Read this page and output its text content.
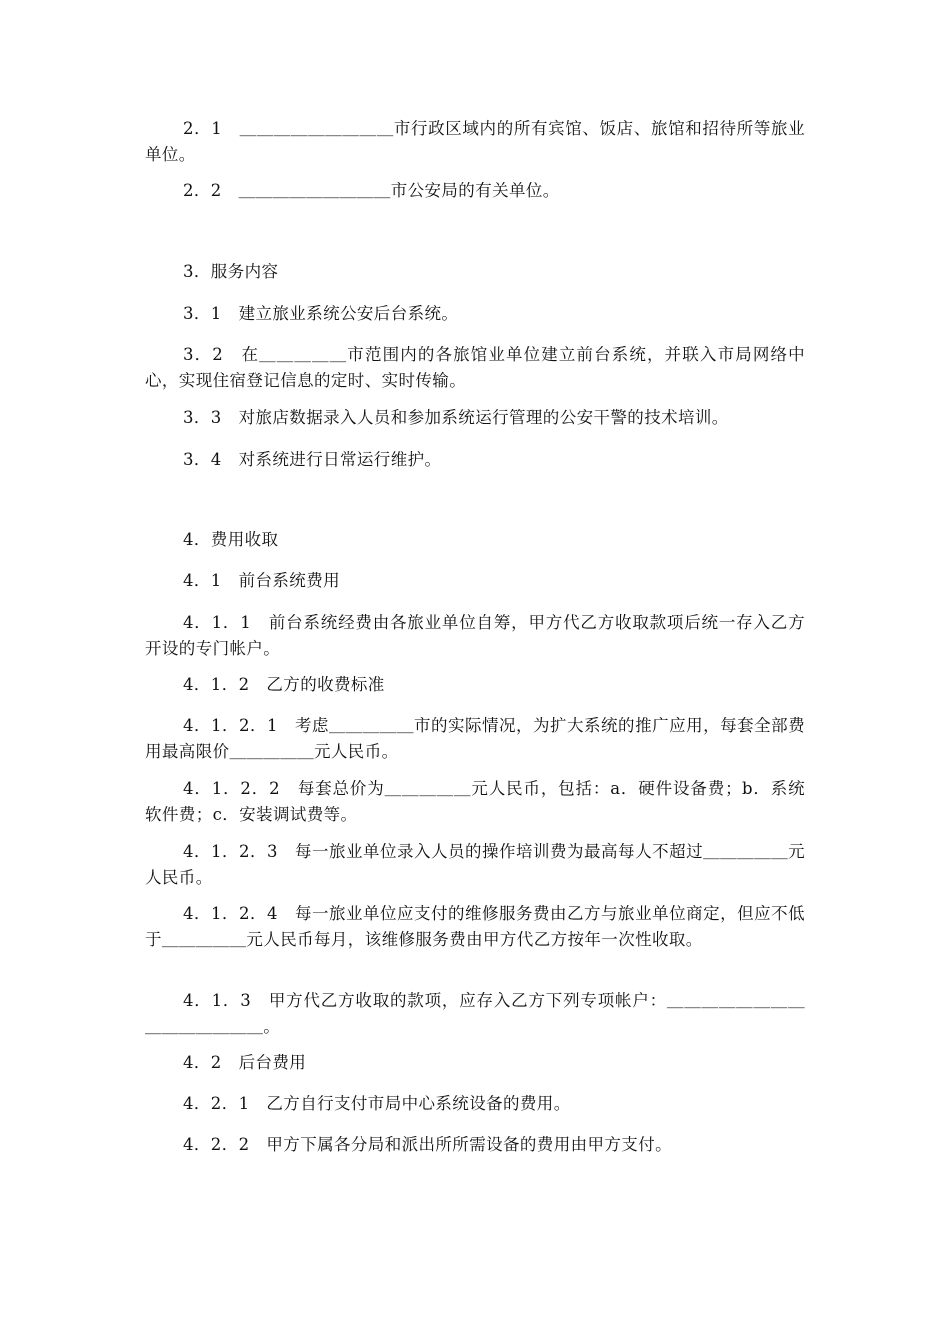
2．1　＿＿＿＿＿＿＿＿＿市行政区域内的所有宾馆、饭店、旅馆和招待所等旅业单位。

2．2　＿＿＿＿＿＿＿＿＿市公安局的有关单位。

3．服务内容

3．1　建立旅业系统公安后台系统。

3．2　在＿＿＿＿＿市范围内的各旅馆业单位建立前台系统，并联入市局网络中心，实现住宿登记信息的定时、实时传输。

3．3　对旅店数据录入人员和参加系统运行管理的公安干警的技术培训。

3．4　对系统进行日常运行维护。

4．费用收取

4．1　前台系统费用

4．1．1　前台系统经费由各旅业单位自筹，甲方代乙方收取款项后统一存入乙方开设的专门帐户。

4．1．2　乙方的收费标准

4．1．2．1　考虑＿＿＿＿＿市的实际情况，为扩大系统的推广应用，每套全部费用最高限价＿＿＿＿＿元人民币。

4．1．2．2　每套总价为＿＿＿＿＿元人民币，包括：a．硬件设备费；b．系统软件费；c．安装调试费等。

4．1．2．3　每一旅业单位录入人员的操作培训费为最高每人不超过＿＿＿＿＿元人民币。

4．1．2．4　每一旅业单位应支付的维修服务费由乙方与旅业单位商定，但应不低于＿＿＿＿＿元人民币每月，该维修服务费由甲方代乙方按年一次性收取。

4．1．3　甲方代乙方收取的款项，应存入乙方下列专项帐户：＿＿＿＿＿＿＿＿＿＿＿＿＿＿＿。

4．2　后台费用

4．2．1　乙方自行支付市局中心系统设备的费用。

4．2．2　甲方下属各分局和派出所所需设备的费用由甲方支付。
